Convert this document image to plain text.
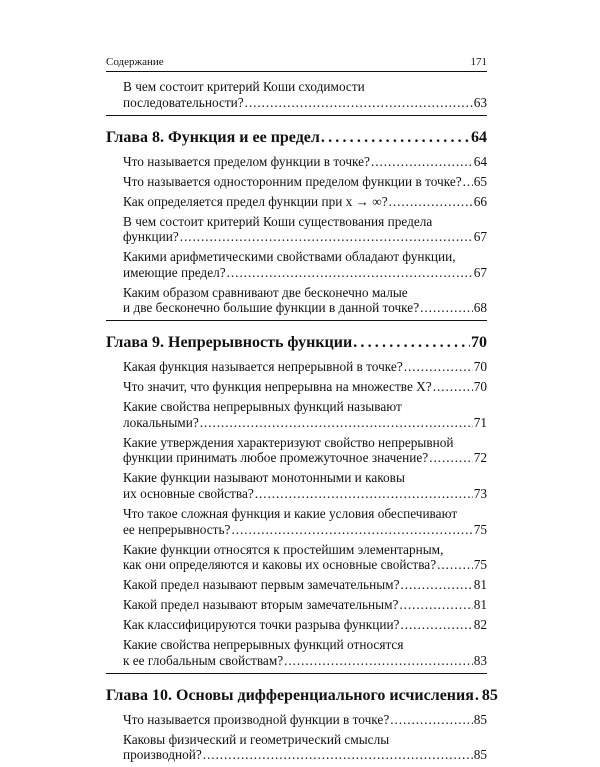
Содержание	171
В чем состоит критерий Коши сходимости
последовательности? . . .	63
Глава 8. Функция и ее предел . . .	64
Что называется пределом функции в точке? . . .	64
Что называется односторонним пределом функции в точке? . . . 65
Как определяется предел функции при x → ∞? . . .	66
В чем состоит критерий Коши существования предела
функции? . . .	67
Какими арифметическими свойствами обладают функции,
имеющие предел? . . .	67
Каким образом сравнивают две бесконечно малые
и две бесконечно большие функции в данной точке? . . .	68
Глава 9. Непрерывность функции . . .	70
Какая функция называется непрерывной в точке? . . .	70
Что значит, что функция непрерывна на множестве X? . . .	70
Какие свойства непрерывных функций называют
локальными? . . .	71
Какие утверждения характеризуют свойство непрерывной
функции принимать любое промежуточное значение? . . .	72
Какие функции называют монотонными и каковы
их основные свойства? . . .	73
Что такое сложная функция и какие условия обеспечивают
ее непрерывность? . . .	75
Какие функции относятся к простейшим элементарным,
как они определяются и каковы их основные свойства? . . .	75
Какой предел называют первым замечательным? . . .	81
Какой предел называют вторым замечательным? . . .	81
Как классифицируются точки разрыва функции? . . .	82
Какие свойства непрерывных функций относятся
к ее глобальным свойствам? . . .	83
Глава 10. Основы дифференциального исчисления . . . 85
Что называется производной функции в точке? . . .	85
Каковы физический и геометрический смыслы
производной? . . .	85
